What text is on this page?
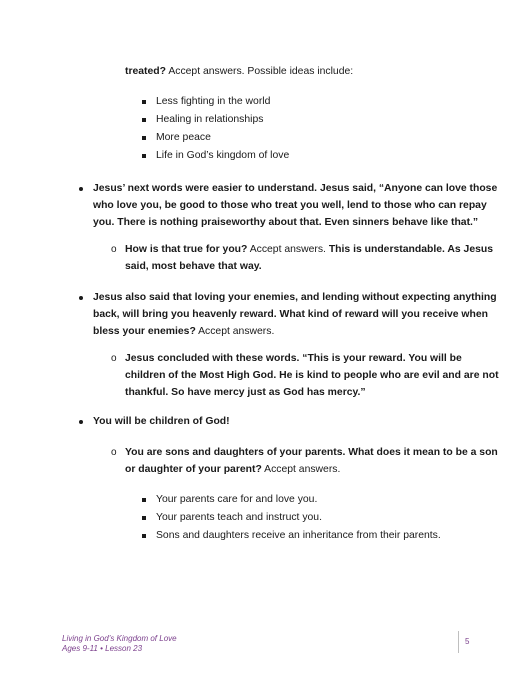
treated? Accept answers. Possible ideas include:
Less fighting in the world
Healing in relationships
More peace
Life in God’s kingdom of love
Jesus’ next words were easier to understand. Jesus said, “Anyone can love those
who love you, be good to those who treat you well, lend to those who can repay
you. There is nothing praiseworthy about that. Even sinners behave like that.”
o How is that true for you? Accept answers. This is understandable. As Jesus
said, most behave that way.
Jesus also said that loving your enemies, and lending without expecting anything
back, will bring you heavenly reward. What kind of reward will you receive when
bless your enemies? Accept answers.
o Jesus concluded with these words. “This is your reward. You will be
children of the Most High God. He is kind to people who are evil and are not
thankful. So have mercy just as God has mercy.”
You will be children of God!
o You are sons and daughters of your parents. What does it mean to be a son
or daughter of your parent? Accept answers.
Your parents care for and love you.
Your parents teach and instruct you.
Sons and daughters receive an inheritance from their parents.
Living in God’s Kingdom of Love
Ages 9-11 • Lesson 23
5
